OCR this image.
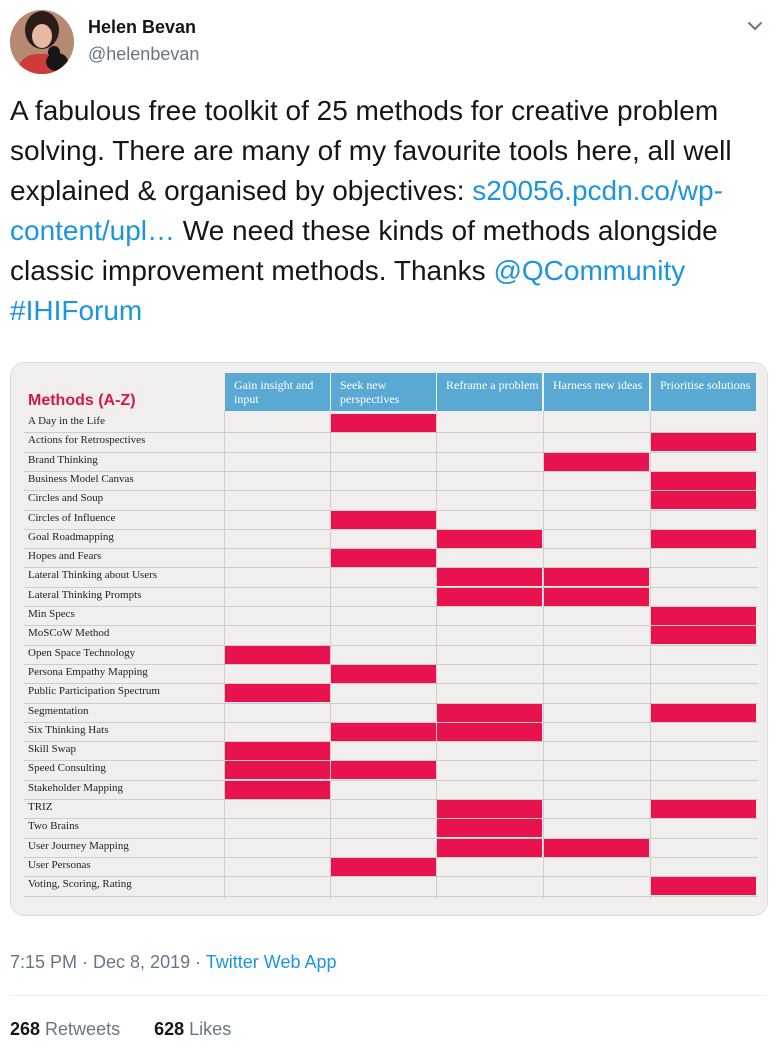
Helen Bevan
@helenbevan

A fabulous free toolkit of 25 methods for creative problem solving. There are many of my favourite tools here, all well explained & organised by objectives: s20056.pcdn.co/wp-content/upl… We need these kinds of methods alongside classic improvement methods. Thanks @QCommunity #IHIForum

Methods (A-Z)
Gain insight and input
Seek new perspectives
Reframe a problem	Harness new ideas	Prioritise solutions
A Day in the Life
Actions for Retrospectives
Brand Thinking
Business Model Canvas
Circles and Soup
Circles of Influence
Goal Roadmapping
Hopes and Fears
Lateral Thinking about Users
Lateral Thinking Prompts
Min Specs
MoSCoW Method
Open Space Technology
Persona Empathy Mapping
Public Participation Spectrum
Segmentation
Six Thinking Hats
Skill Swap
Speed Consulting
Stakeholder Mapping
TRIZ
Two Brains
User Journey Mapping
User Personas
Voting, Scoring, Rating
7:15 PM · Dec 8, 2019 · Twitter Web App
268 Retweets 628 Likes
